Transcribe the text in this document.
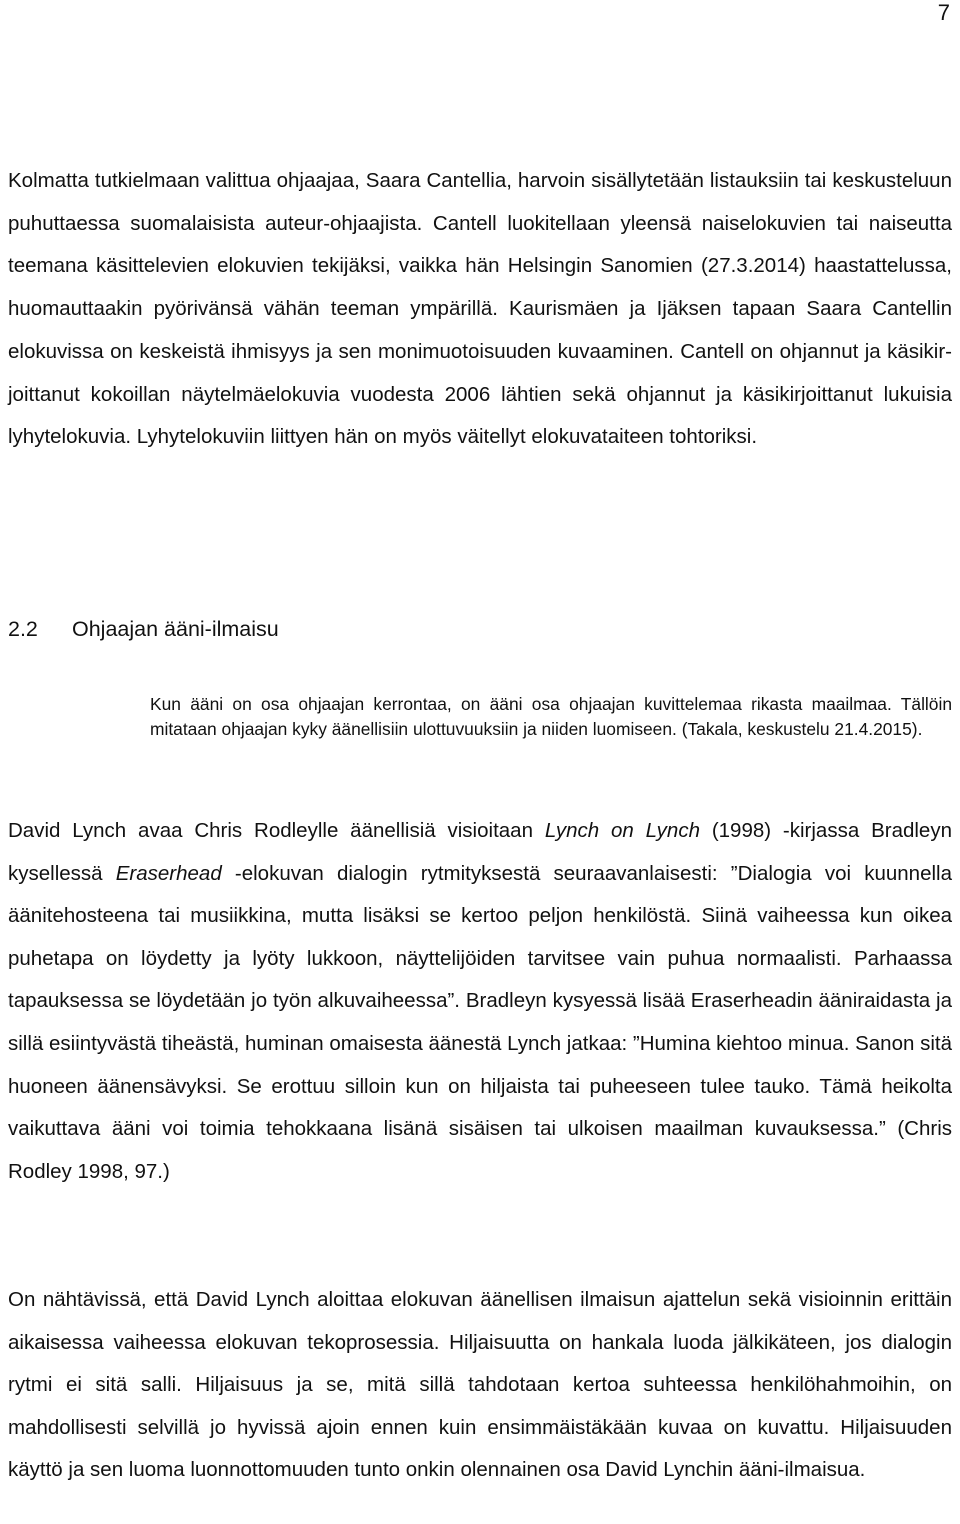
7

Kolmatta tutkielmaan valittua ohjaajaa, Saara Cantellia, harvoin sisällytetään listauksiin tai keskusteluun puhuttaessa suomalaisista auteur-ohjaajista. Cantell luokitellaan yleensä naiselokuvien tai naiseutta teemana käsittelevien elokuvien tekijäksi, vaikka hän Helsingin Sanomien (27.3.2014) haastattelussa, huomauttaakin pyörivänsä vähän teeman ympärillä. Kaurismäen ja Ijäksen tapaan Saara Cantellin elokuvissa on keskeistä ihmisyys ja sen monimuotoisuuden kuvaaminen. Cantell on ohjannut ja käsikirjoittanut kokoillan näytelmäelokuvia vuodesta 2006 lähtien sekä ohjannut ja käsikirjoittanut lukuisia lyhytelokuvia. Lyhytelokuviin liittyen hän on myös väitellyt elokuvataiteen tohtoriksi.

2.2 Ohjaajan ääni-ilmaisu

Kun ääni on osa ohjaajan kerrontaa, on ääni osa ohjaajan kuvittelemaa rikasta maailmaa. Tällöin mitataan ohjaajan kyky äänellisiin ulottuvuuksiin ja niiden luomiseen. (Takala, keskustelu 21.4.2015).

David Lynch avaa Chris Rodleylle äänellisiä visioitaan Lynch on Lynch (1998) -kirjassa Bradleyn kysellessä Eraserhead -elokuvan dialogin rytmityksestä seuraavanlaisesti: ”Dialogia voi kuunnella äänitehosteena tai musiikkina, mutta lisäksi se kertoo peljon henkilöstä. Siinä vaiheessa kun oikea puhetapa on löydetty ja lyöty lukkoon, näyttelijöiden tarvitsee vain puhua normaalisti. Parhaassa tapauksessa se löydetään jo työn alkuvaiheessa”. Bradleyn kysyessä lisää Eraserheadin ääniraidasta ja sillä esiintyvästä tiheästä, huminan omaisesta äänestä Lynch jatkaa: ”Humina kiehtoo minua. Sanon sitä huoneen äänensävyksi. Se erottuu silloin kun on hiljaista tai puheeseen tulee tauko. Tämä heikolta vaikuttava ääni voi toimia tehokkaana lisänä sisäisen tai ulkoisen maailman kuvauksessa.” (Chris Rodley 1998, 97.)

On nähtävissä, että David Lynch aloittaa elokuvan äänellisen ilmaisun ajattelun sekä visioinnin erittäin aikaisessa vaiheessa elokuvan tekoprosessia. Hiljaisuutta on hankala luoda jälkikäteen, jos dialogin rytmi ei sitä salli. Hiljaisuus ja se, mitä sillä tahdotaan kertoa suhteessa henkilöhahmoihin, on mahdollisesti selvillä jo hyvissä ajoin ennen kuin ensimmäistäkään kuvaa on kuvattu. Hiljaisuuden käyttö ja sen luoma luonnottomuuden tunto onkin olennainen osa David Lynchin ääni-ilmaisua.
